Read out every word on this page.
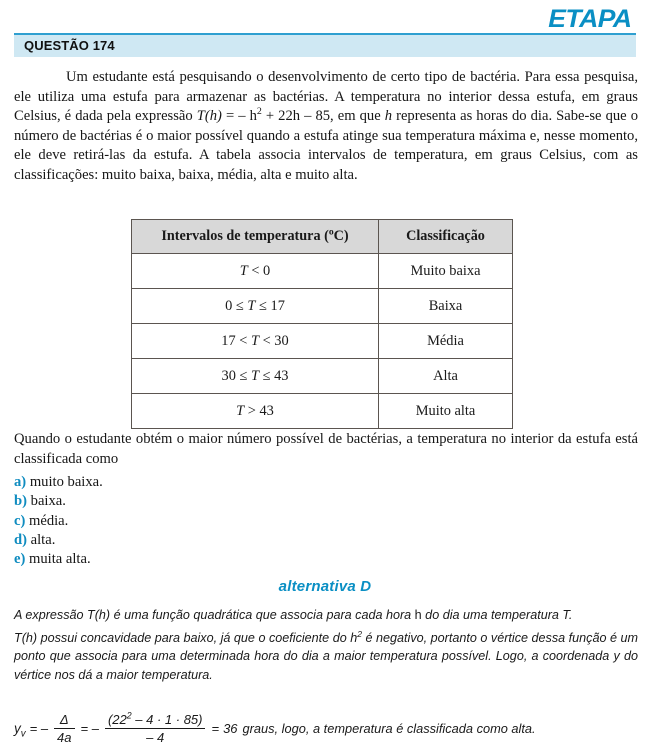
ETAPA
QUESTÃO 174
Um estudante está pesquisando o desenvolvimento de certo tipo de bactéria. Para essa pesquisa, ele utiliza uma estufa para armazenar as bactérias. A temperatura no interior dessa estufa, em graus Celsius, é dada pela expressão T(h) = – $h^2 + 22h - 85$, em que h representa as horas do dia. Sabe-se que o número de bactérias é o maior possível quando a estufa atinge sua temperatura máxima e, nesse momento, ele deve retirá-las da estufa. A tabela associa intervalos de temperatura, em graus Celsius, com as classificações: muito baixa, baixa, média, alta e muito alta.
Intervalos de temperatura ($^o$C)	Classificação
T < 0	Muito baixa
0 ≤ T ≤ 17	Baixa
17 < T < 30	Média
30 ≤ T ≤ 43	Alta
T > 43	Muito alta
Quando o estudante obtém o maior número possível de bactérias, a temperatura no interior da estufa está classificada como
a) muito baixa.
b) baixa.
c) média.
d) alta.
e) muita alta.
alternativa D

A expressão T(h) é uma função quadrática que associa para cada hora h do dia uma temperatura T.

T(h) possui concavidade para baixo, já que o coeficiente do $h^2$ é negativo, portanto o vértice dessa função é um ponto que associa para uma determinada hora do dia a maior temperatura possível. Logo, a coordenada y do vértice nos dá a maior temperatura.

$y_v$ = – $\frac{\Delta}{4a}$ = – $\frac{(22^2 - 4 \cdot 1 \cdot 85)}{- 4} = 36$ graus, logo, a temperatura é classificada como alta.
